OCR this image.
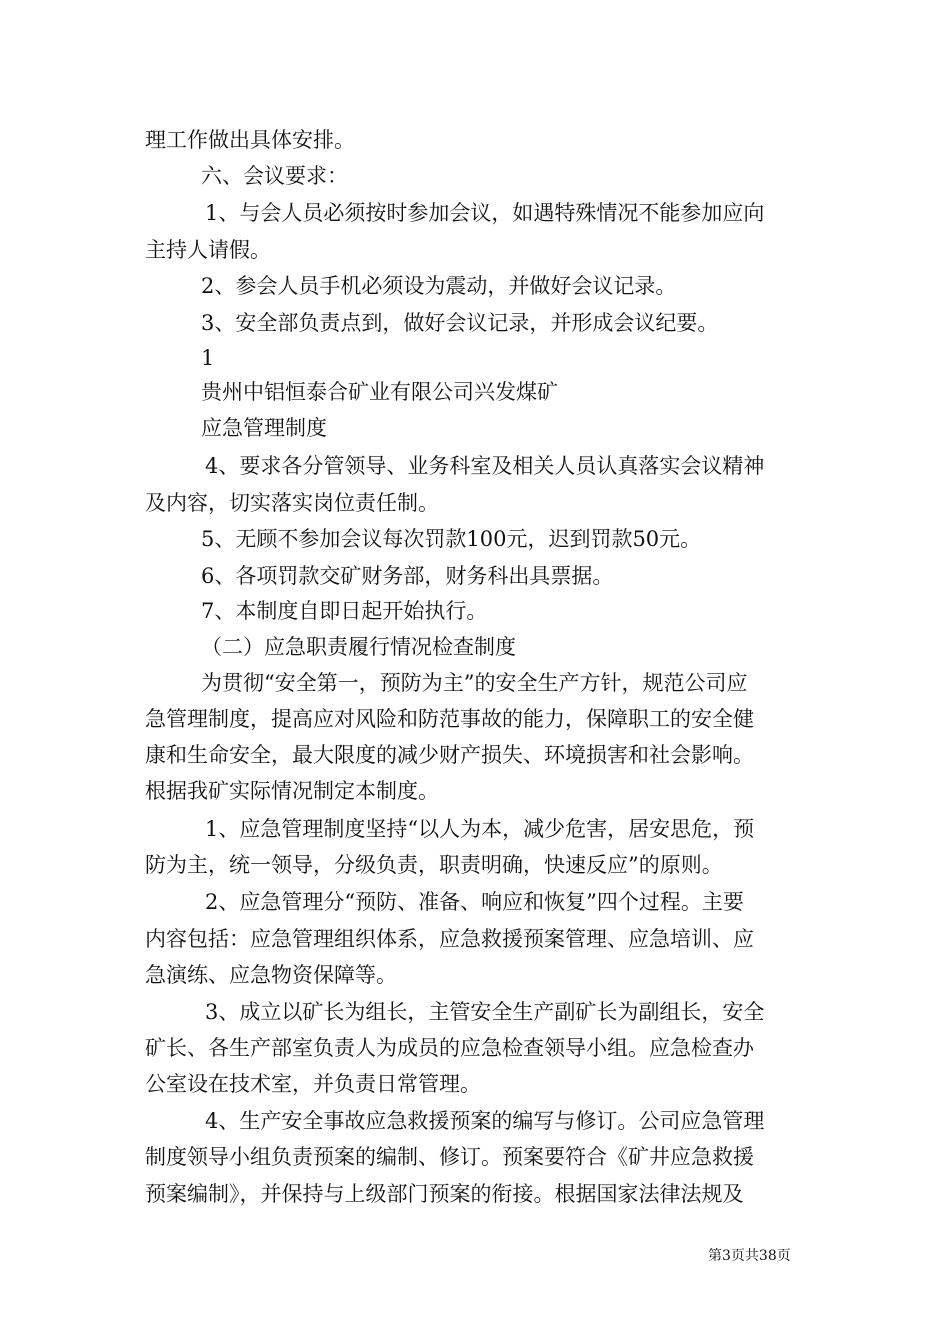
理工作做出具体安排。
六、会议要求：
1、与会人员必须按时参加会议，如遇特殊情况不能参加应向
主持人请假。
2、参会人员手机必须设为震动，并做好会议记录。
3、安全部负责点到，做好会议记录，并形成会议纪要。
1
贵州中铝恒泰合矿业有限公司兴发煤矿
应急管理制度
4、要求各分管领导、业务科室及相关人员认真落实会议精神
及内容，切实落实岗位责任制。
5、无顾不参加会议每次罚款100元，迟到罚款50元。
6、各项罚款交矿财务部，财务科出具票据。
7、本制度自即日起开始执行。
（二）应急职责履行情况检查制度
为贯彻“安全第一，预防为主”的安全生产方针，规范公司应
急管理制度，提高应对风险和防范事故的能力，保障职工的安全健
康和生命安全，最大限度的减少财产损失、环境损害和社会影响。
根据我矿实际情况制定本制度。
1、应急管理制度坚持“以人为本，减少危害，居安思危，预
防为主，统一领导，分级负责，职责明确，快速反应”的原则。
2、应急管理分“预防、准备、响应和恢复”四个过程。主要
内容包括：应急管理组织体系，应急救援预案管理、应急培训、应
急演练、应急物资保障等。
3、成立以矿长为组长，主管安全生产副矿长为副组长，安全
矿长、各生产部室负责人为成员的应急检查领导小组。应急检查办
公室设在技术室，并负责日常管理。
4、生产安全事故应急救援预案的编写与修订。公司应急管理
制度领导小组负责预案的编制、修订。预案要符合《矿井应急救援
预案编制》，并保持与上级部门预案的衔接。根据国家法律法规及
第3页共38页
